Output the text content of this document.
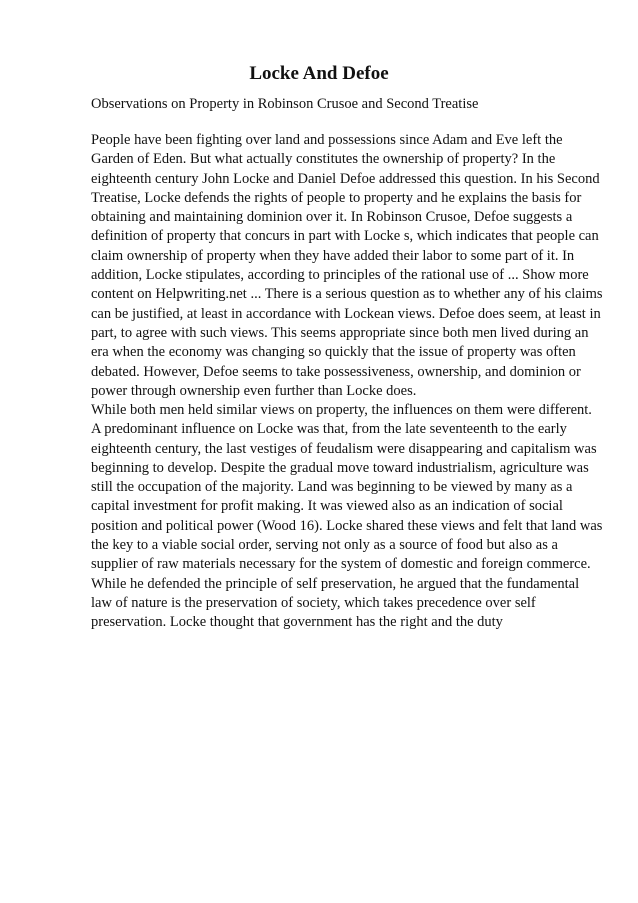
Locke And Defoe

Observations on Property in Robinson Crusoe and Second Treatise

People have been fighting over land and possessions since Adam and Eve left the Garden of Eden. But what actually constitutes the ownership of property? In the eighteenth century John Locke and Daniel Defoe addressed this question. In his Second Treatise, Locke defends the rights of people to property and he explains the basis for obtaining and maintaining dominion over it. In Robinson Crusoe, Defoe suggests a definition of property that concurs in part with Locke s, which indicates that people can claim ownership of property when they have added their labor to some part of it. In addition, Locke stipulates, according to principles of the rational use of ... Show more content on Helpwriting.net ... There is a serious question as to whether any of his claims can be justified, at least in accordance with Lockean views. Defoe does seem, at least in part, to agree with such views. This seems appropriate since both men lived during an era when the economy was changing so quickly that the issue of property was often debated. However, Defoe seems to take possessiveness, ownership, and dominion or power through ownership even further than Locke does.

While both men held similar views on property, the influences on them were different. A predominant influence on Locke was that, from the late seventeenth to the early eighteenth century, the last vestiges of feudalism were disappearing and capitalism was beginning to develop. Despite the gradual move toward industrialism, agriculture was still the occupation of the majority. Land was beginning to be viewed by many as a capital investment for profit making. It was viewed also as an indication of social position and political power (Wood 16). Locke shared these views and felt that land was the key to a viable social order, serving not only as a source of food but also as a supplier of raw materials necessary for the system of domestic and foreign commerce. While he defended the principle of self preservation, he argued that the fundamental law of nature is the preservation of society, which takes precedence over self preservation. Locke thought that government has the right and the duty
